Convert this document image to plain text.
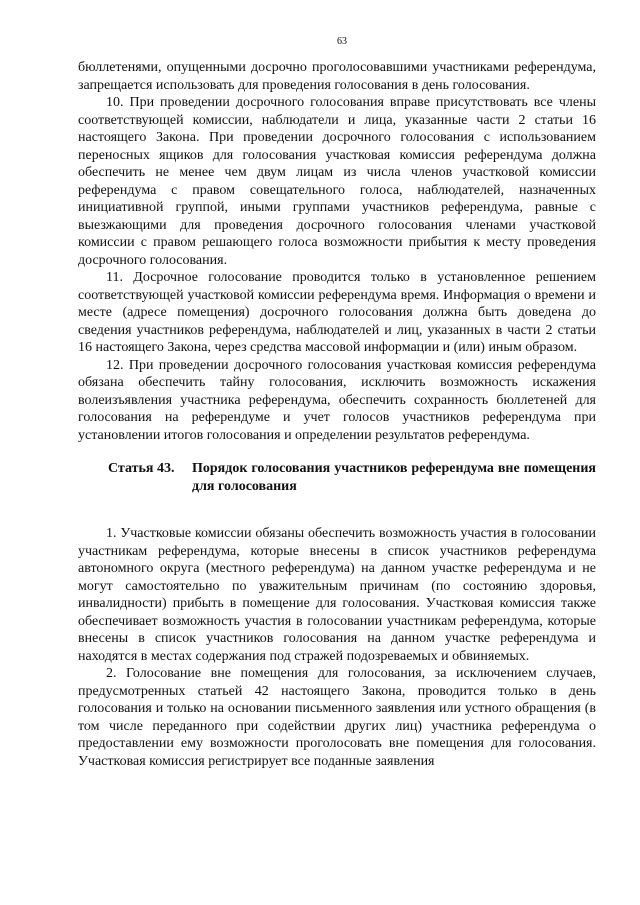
63

бюллетенями, опущенными досрочно проголосовавшими участниками референдума, запрещается использовать для проведения голосования в день голосования.

10. При проведении досрочного голосования вправе присутствовать все члены соответствующей комиссии, наблюдатели и лица, указанные части 2 статьи 16 настоящего Закона. При проведении досрочного голосования с использованием переносных ящиков для голосования участковая комиссия референдума должна обеспечить не менее чем двум лицам из числа членов участковой комиссии референдума с правом совещательного голоса, наблюдателей, назначенных инициативной группой, иными группами участников референдума, равные с выезжающими для проведения досрочного голосования членами участковой комиссии с правом решающего голоса возможности прибытия к месту проведения досрочного голосования.

11. Досрочное голосование проводится только в установленное решением соответствующей участковой комиссии референдума время. Информация о времени и месте (адресе помещения) досрочного голосования должна быть доведена до сведения участников референдума, наблюдателей и лиц, указанных в части 2 статьи 16 настоящего Закона, через средства массовой информации и (или) иным образом.

12. При проведении досрочного голосования участковая комиссия референдума обязана обеспечить тайну голосования, исключить возможность искажения волеизъявления участника референдума, обеспечить сохранность бюллетеней для голосования на референдуме и учет голосов участников референдума при установлении итогов голосования и определении результатов референдума.

Статья 43.	Порядок голосования участников референдума вне помещения для голосования

1. Участковые комиссии обязаны обеспечить возможность участия в голосовании участникам референдума, которые внесены в список участников референдума автономного округа (местного референдума) на данном участке референдума и не могут самостоятельно по уважительным причинам (по состоянию здоровья, инвалидности) прибыть в помещение для голосования. Участковая комиссия также обеспечивает возможность участия в голосовании участникам референдума, которые внесены в список участников голосования на данном участке референдума и находятся в местах содержания под стражей подозреваемых и обвиняемых.

2. Голосование вне помещения для голосования, за исключением случаев, предусмотренных статьей 42 настоящего Закона, проводится только в день голосования и только на основании письменного заявления или устного обращения (в том числе переданного при содействии других лиц) участника референдума о предоставлении ему возможности проголосовать вне помещения для голосования. Участковая комиссия регистрирует все поданные заявления
